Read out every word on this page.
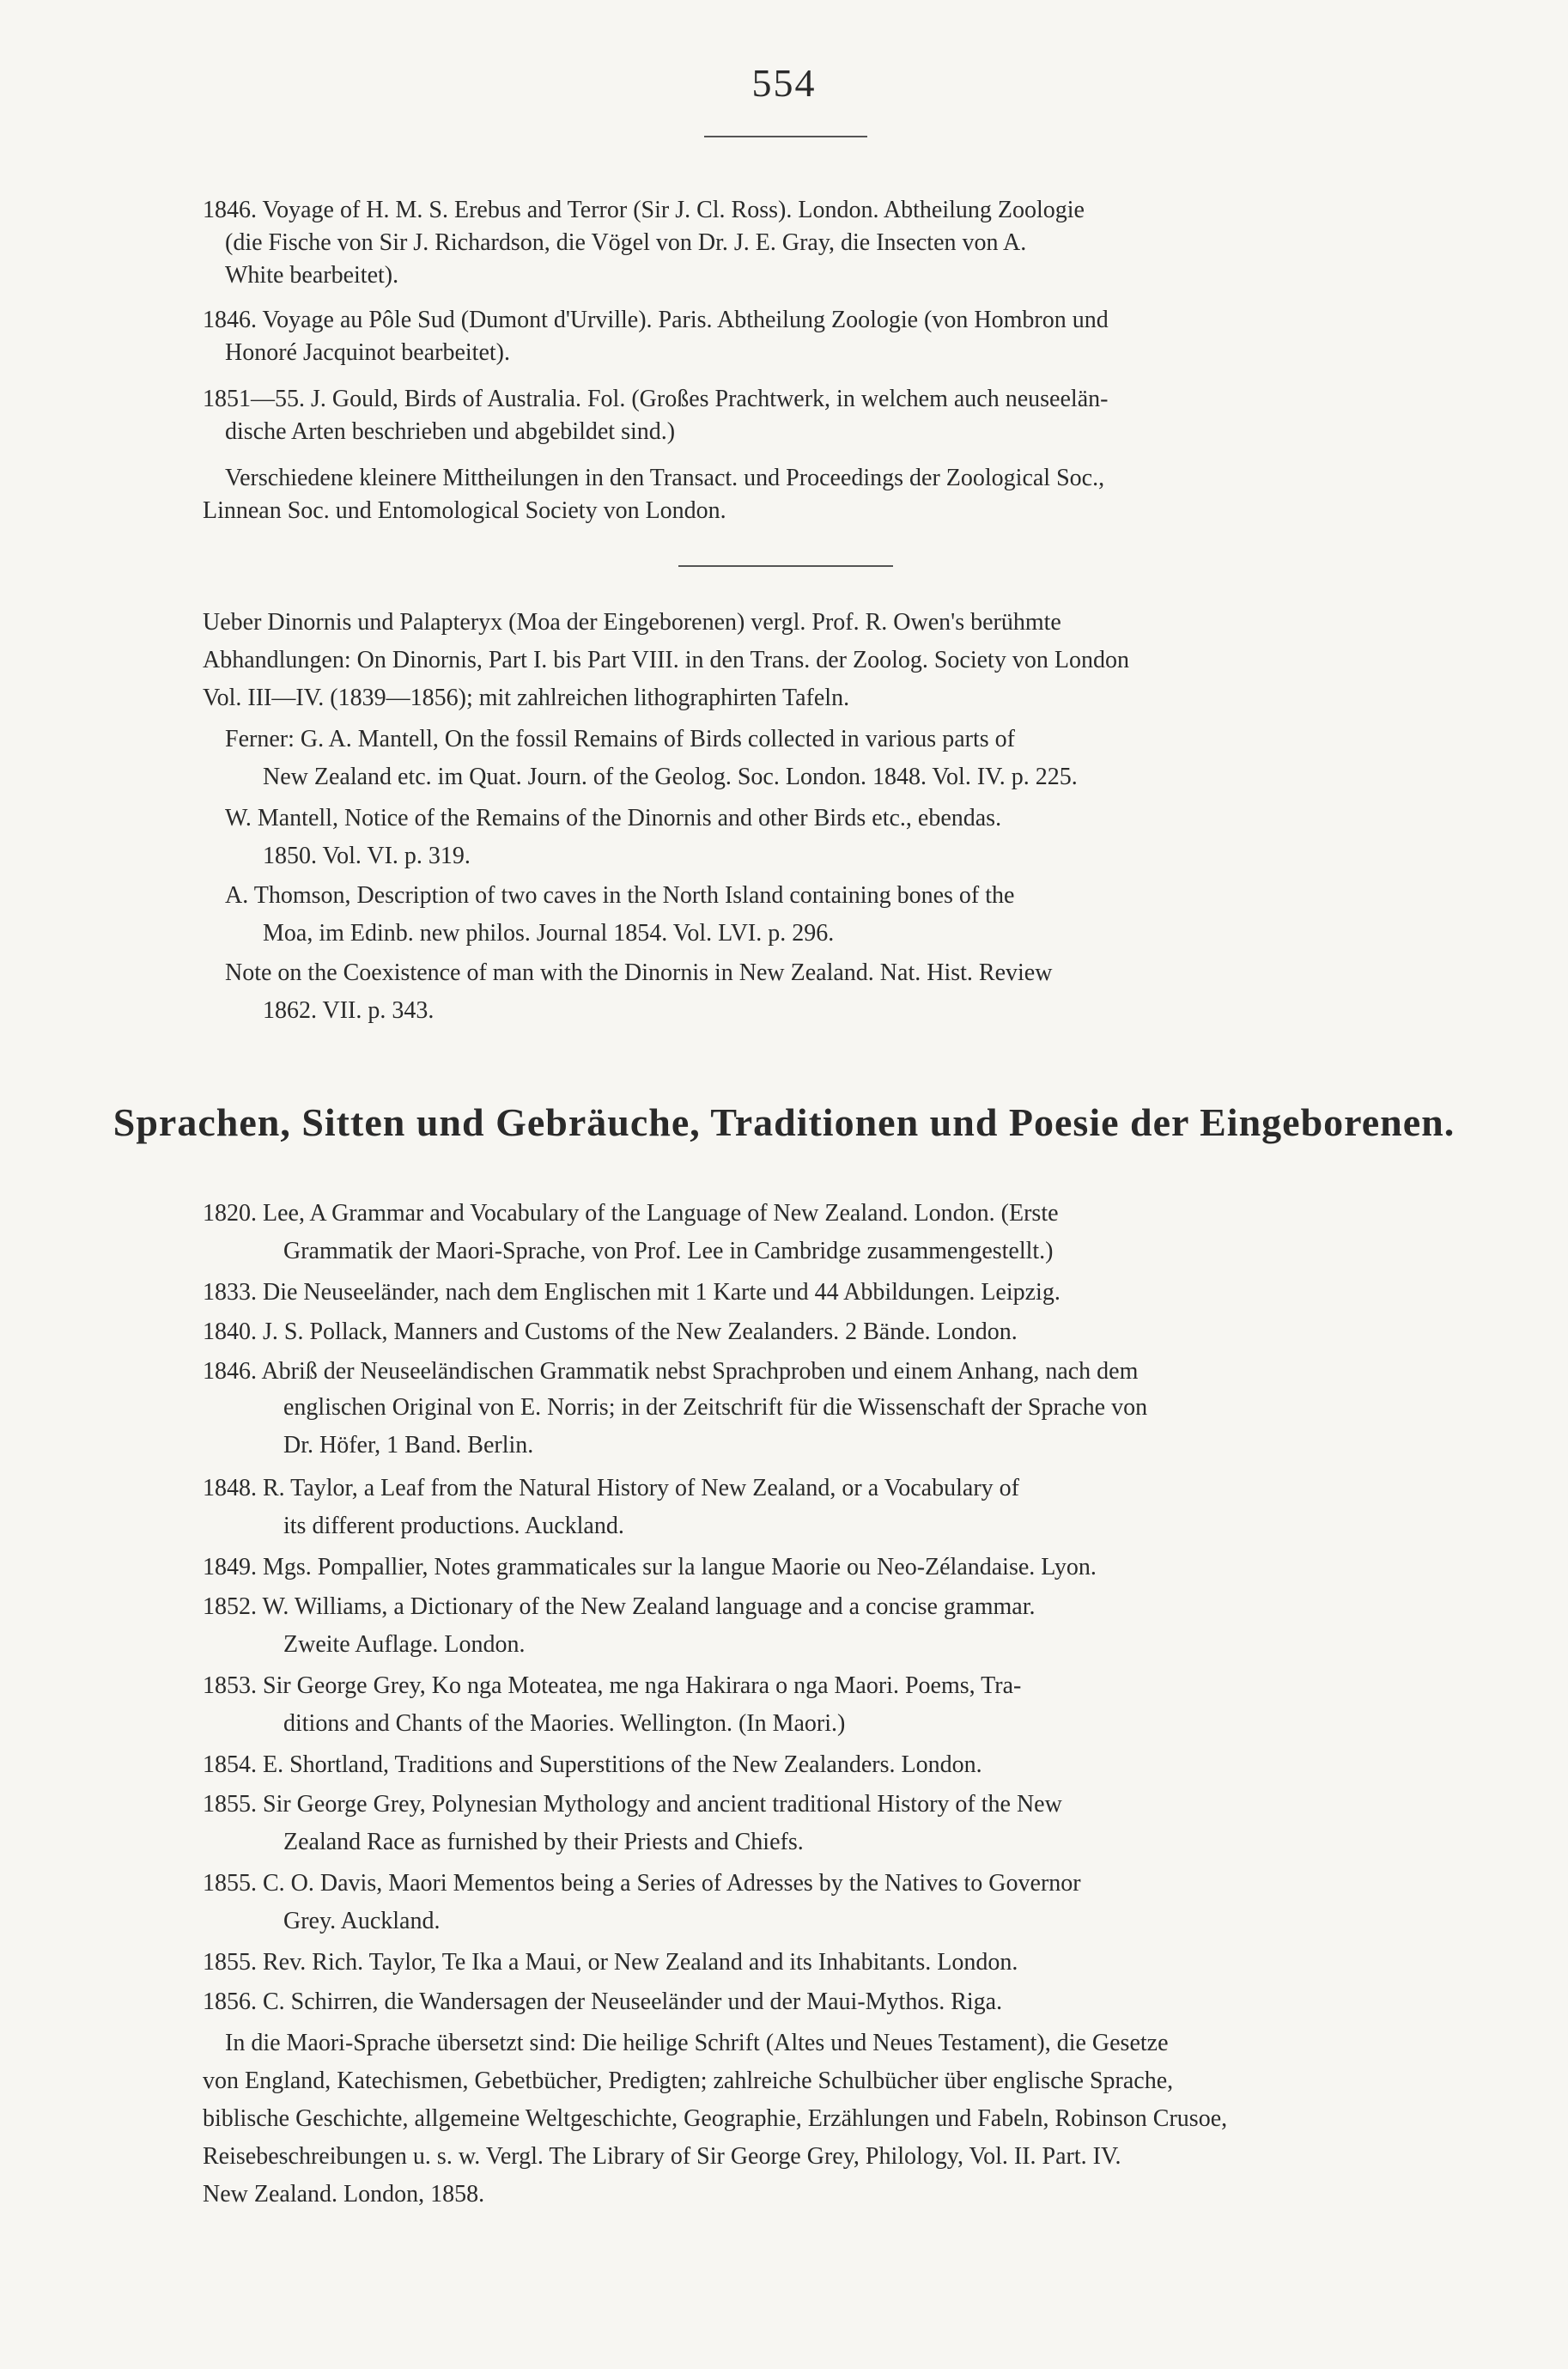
554
1846. Voyage of H. M. S. Erebus and Terror (Sir J. Cl. Ross). London. Abtheilung Zoologie
(die Fische von Sir J. Richardson, die Vögel von Dr. J. E. Gray, die Insecten von A.
White bearbeitet).
1846. Voyage au Pôle Sud (Dumont d'Urville). Paris. Abtheilung Zoologie (von Hombron und
Honoré Jacquinot bearbeitet).
1851—55. J. Gould, Birds of Australia. Fol. (Großes Prachtwerk, in welchem auch neuseelän-
dische Arten beschrieben und abgebildet sind.)
Verschiedene kleinere Mittheilungen in den Transact. und Proceedings der Zoological Soc.,
Linnean Soc. und Entomological Society von London.
Ueber Dinornis und Palapteryx (Moa der Eingeborenen) vergl. Prof. R. Owen's berühmte
Abhandlungen: On Dinornis, Part I. bis Part VIII. in den Trans. der Zoolog. Society von London
Vol. III—IV. (1839—1856); mit zahlreichen lithographirten Tafeln.
Ferner: G. A. Mantell, On the fossil Remains of Birds collected in various parts of
New Zealand etc. im Quat. Journ. of the Geolog. Soc. London. 1848. Vol. IV. p. 225.
W. Mantell, Notice of the Remains of the Dinornis and other Birds etc., ebendas.
1850. Vol. VI. p. 319.
A. Thomson, Description of two caves in the North Island containing bones of the
Moa, im Edinb. new philos. Journal 1854. Vol. LVI. p. 296.
Note on the Coexistence of man with the Dinornis in New Zealand. Nat. Hist. Review
1862. VII. p. 343.
Sprachen, Sitten und Gebräuche, Traditionen und Poesie der Eingeborenen.
1820. Lee, A Grammar and Vocabulary of the Language of New Zealand. London. (Erste
Grammatik der Maori-Sprache, von Prof. Lee in Cambridge zusammengestellt.)
1833. Die Neuseeländer, nach dem Englischen mit 1 Karte und 44 Abbildungen. Leipzig.
1840. J. S. Pollack, Manners and Customs of the New Zealanders. 2 Bände. London.
1846. Abriß der Neuseeländischen Grammatik nebst Sprachproben und einem Anhang, nach dem
englischen Original von E. Norris; in der Zeitschrift für die Wissenschaft der Sprache von
Dr. Höfer, 1 Band. Berlin.
1848. R. Taylor, a Leaf from the Natural History of New Zealand, or a Vocabulary of
its different productions. Auckland.
1849. Mgs. Pompallier, Notes grammaticales sur la langue Maorie ou Neo-Zélandaise. Lyon.
1852. W. Williams, a Dictionary of the New Zealand language and a concise grammar.
Zweite Auflage. London.
1853. Sir George Grey, Ko nga Moteatea, me nga Hakirara o nga Maori. Poems, Tra-
ditions and Chants of the Maories. Wellington. (In Maori.)
1854. E. Shortland, Traditions and Superstitions of the New Zealanders. London.
1855. Sir George Grey, Polynesian Mythology and ancient traditional History of the New
Zealand Race as furnished by their Priests and Chiefs.
1855. C. O. Davis, Maori Mementos being a Series of Adresses by the Natives to Governor
Grey. Auckland.
1855. Rev. Rich. Taylor, Te Ika a Maui, or New Zealand and its Inhabitants. London.
1856. C. Schirren, die Wandersagen der Neuseeländer und der Maui-Mythos. Riga.
In die Maori-Sprache übersetzt sind: Die heilige Schrift (Altes und Neues Testament), die Gesetze
von England, Katechismen, Gebetbücher, Predigten; zahlreiche Schulbücher über englische Sprache,
biblische Geschichte, allgemeine Weltgeschichte, Geographie, Erzählungen und Fabeln, Robinson Crusoe,
Reisebeschreibungen u. s. w. Vergl. The Library of Sir George Grey, Philology, Vol. II. Part. IV.
New Zealand. London, 1858.
